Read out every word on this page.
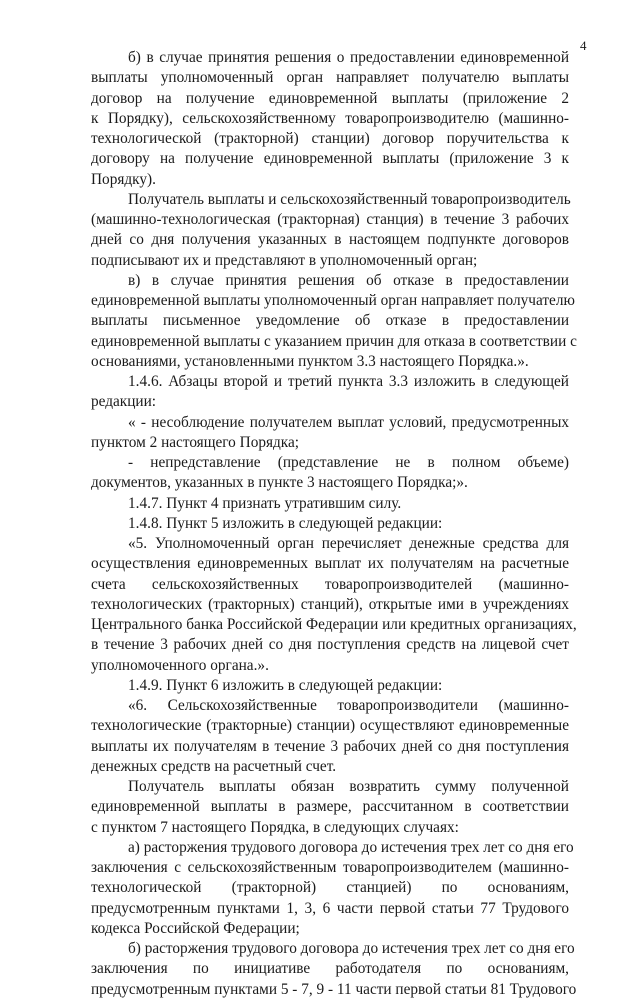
4
б) в случае принятия решения о предоставлении единовременной
выплаты уполномоченный орган направляет получателю выплаты
договор на получение единовременной выплаты (приложение 2
к Порядку), сельскохозяйственному товаропроизводителю (машинно-
технологической (тракторной) станции) договор поручительства к
договору на получение единовременной выплаты (приложение 3 к
Порядку).
Получатель выплаты и сельскохозяйственный товаропроизводитель
(машинно-технологическая (тракторная) станция) в течение 3 рабочих
дней со дня получения указанных в настоящем подпункте договоров
подписывают их и представляют в уполномоченный орган;
в) в случае принятия решения об отказе в предоставлении
единовременной выплаты уполномоченный орган направляет получателю
выплаты письменное уведомление об отказе в предоставлении
единовременной выплаты с указанием причин для отказа в соответствии с
основаниями, установленными пунктом 3.3 настоящего Порядка.».
1.4.6. Абзацы второй и третий пункта 3.3 изложить в следующей
редакции:
« - несоблюдение получателем выплат условий, предусмотренных
пунктом 2 настоящего Порядка;
- непредставление (представление не в полном объеме)
документов, указанных в пункте 3 настоящего Порядка;».
1.4.7. Пункт 4 признать утратившим силу.
1.4.8. Пункт 5 изложить в следующей редакции:
«5. Уполномоченный орган перечисляет денежные средства для
осуществления единовременных выплат их получателям на расчетные
счета сельскохозяйственных товаропроизводителей (машинно-
технологических (тракторных) станций), открытые ими в учреждениях
Центрального банка Российской Федерации или кредитных организациях,
в течение 3 рабочих дней со дня поступления средств на лицевой счет
уполномоченного органа.».
1.4.9. Пункт 6 изложить в следующей редакции:
«6. Сельскохозяйственные товаропроизводители (машинно-
технологические (тракторные) станции) осуществляют единовременные
выплаты их получателям в течение 3 рабочих дней со дня поступления
денежных средств на расчетный счет.
Получатель выплаты обязан возвратить сумму полученной
единовременной выплаты в размере, рассчитанном в соответствии
с пунктом 7 настоящего Порядка, в следующих случаях:
а) расторжения трудового договора до истечения трех лет со дня его
заключения с сельскохозяйственным товаропроизводителем (машинно-
технологической (тракторной) станцией) по основаниям,
предусмотренным пунктами 1, 3, 6 части первой статьи 77 Трудового
кодекса Российской Федерации;
б) расторжения трудового договора до истечения трех лет со дня его
заключения по инициативе работодателя по основаниям,
предусмотренным пунктами 5 - 7, 9 - 11 части первой статьи 81 Трудового
